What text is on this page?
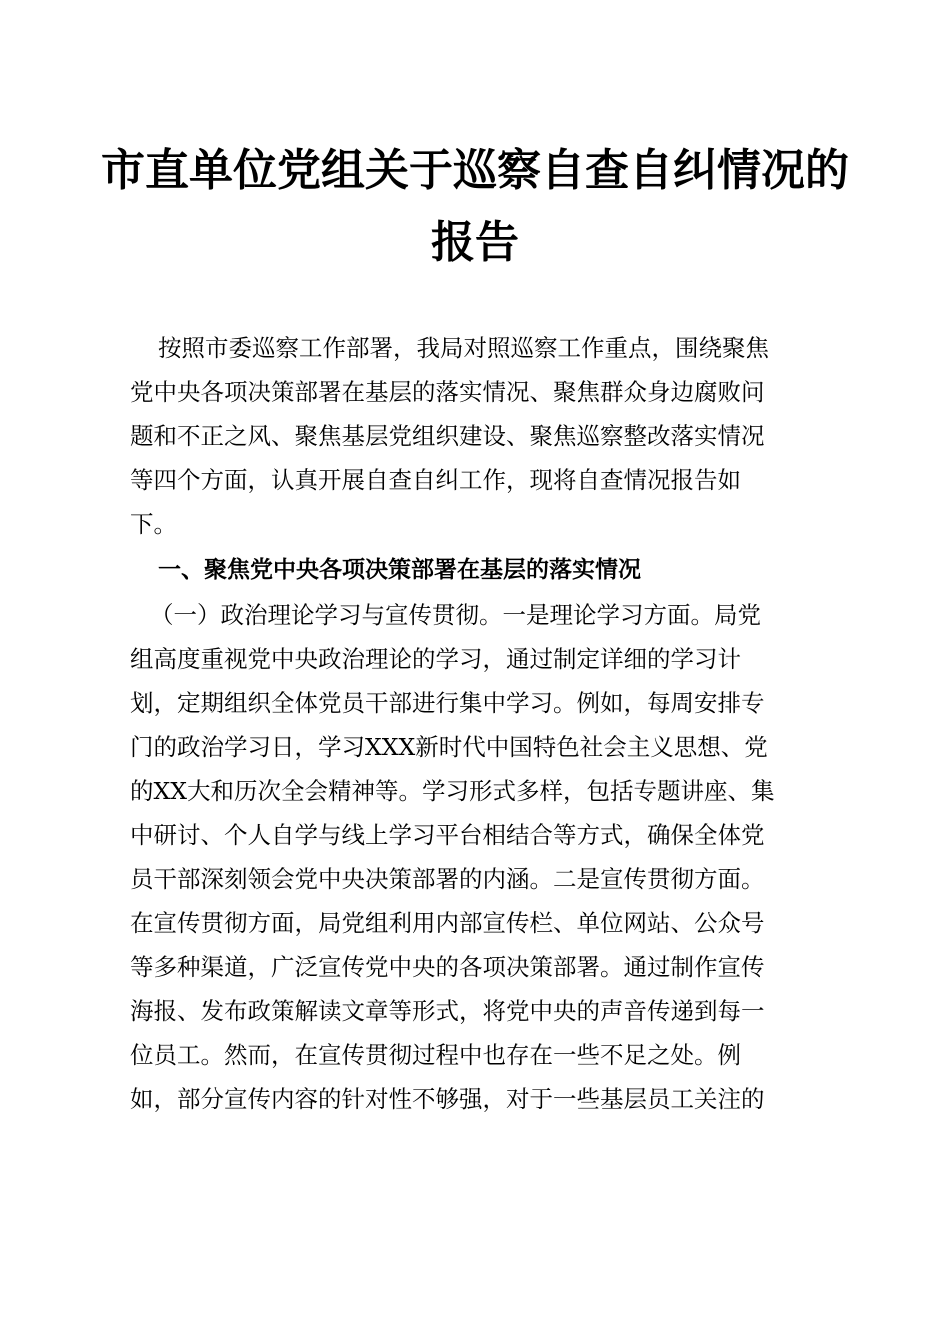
市直单位党组关于巡察自查自纠情况的
报告

按照市委巡察工作部署，我局对照巡察工作重点，围绕聚焦

党中央各项决策部署在基层的落实情况、聚焦群众身边腐败问

题和不正之风、聚焦基层党组织建设、聚焦巡察整改落实情况

等四个方面，认真开展自查自纠工作，现将自查情况报告如

下。

一、聚焦党中央各项决策部署在基层的落实情况

（一）政治理论学习与宣传贯彻。一是理论学习方面。局党

组高度重视党中央政治理论的学习，通过制定详细的学习计

划，定期组织全体党员干部进行集中学习。例如，每周安排专

门的政治学习日，学习XXX新时代中国特色社会主义思想、党

的XX大和历次全会精神等。学习形式多样，包括专题讲座、集

中研讨、个人自学与线上学习平台相结合等方式，确保全体党

员干部深刻领会党中央决策部署的内涵。二是宣传贯彻方面。

在宣传贯彻方面，局党组利用内部宣传栏、单位网站、公众号

等多种渠道，广泛宣传党中央的各项决策部署。通过制作宣传

海报、发布政策解读文章等形式，将党中央的声音传递到每一

位员工。然而，在宣传贯彻过程中也存在一些不足之处。例

如，部分宣传内容的针对性不够强，对于一些基层员工关注的
